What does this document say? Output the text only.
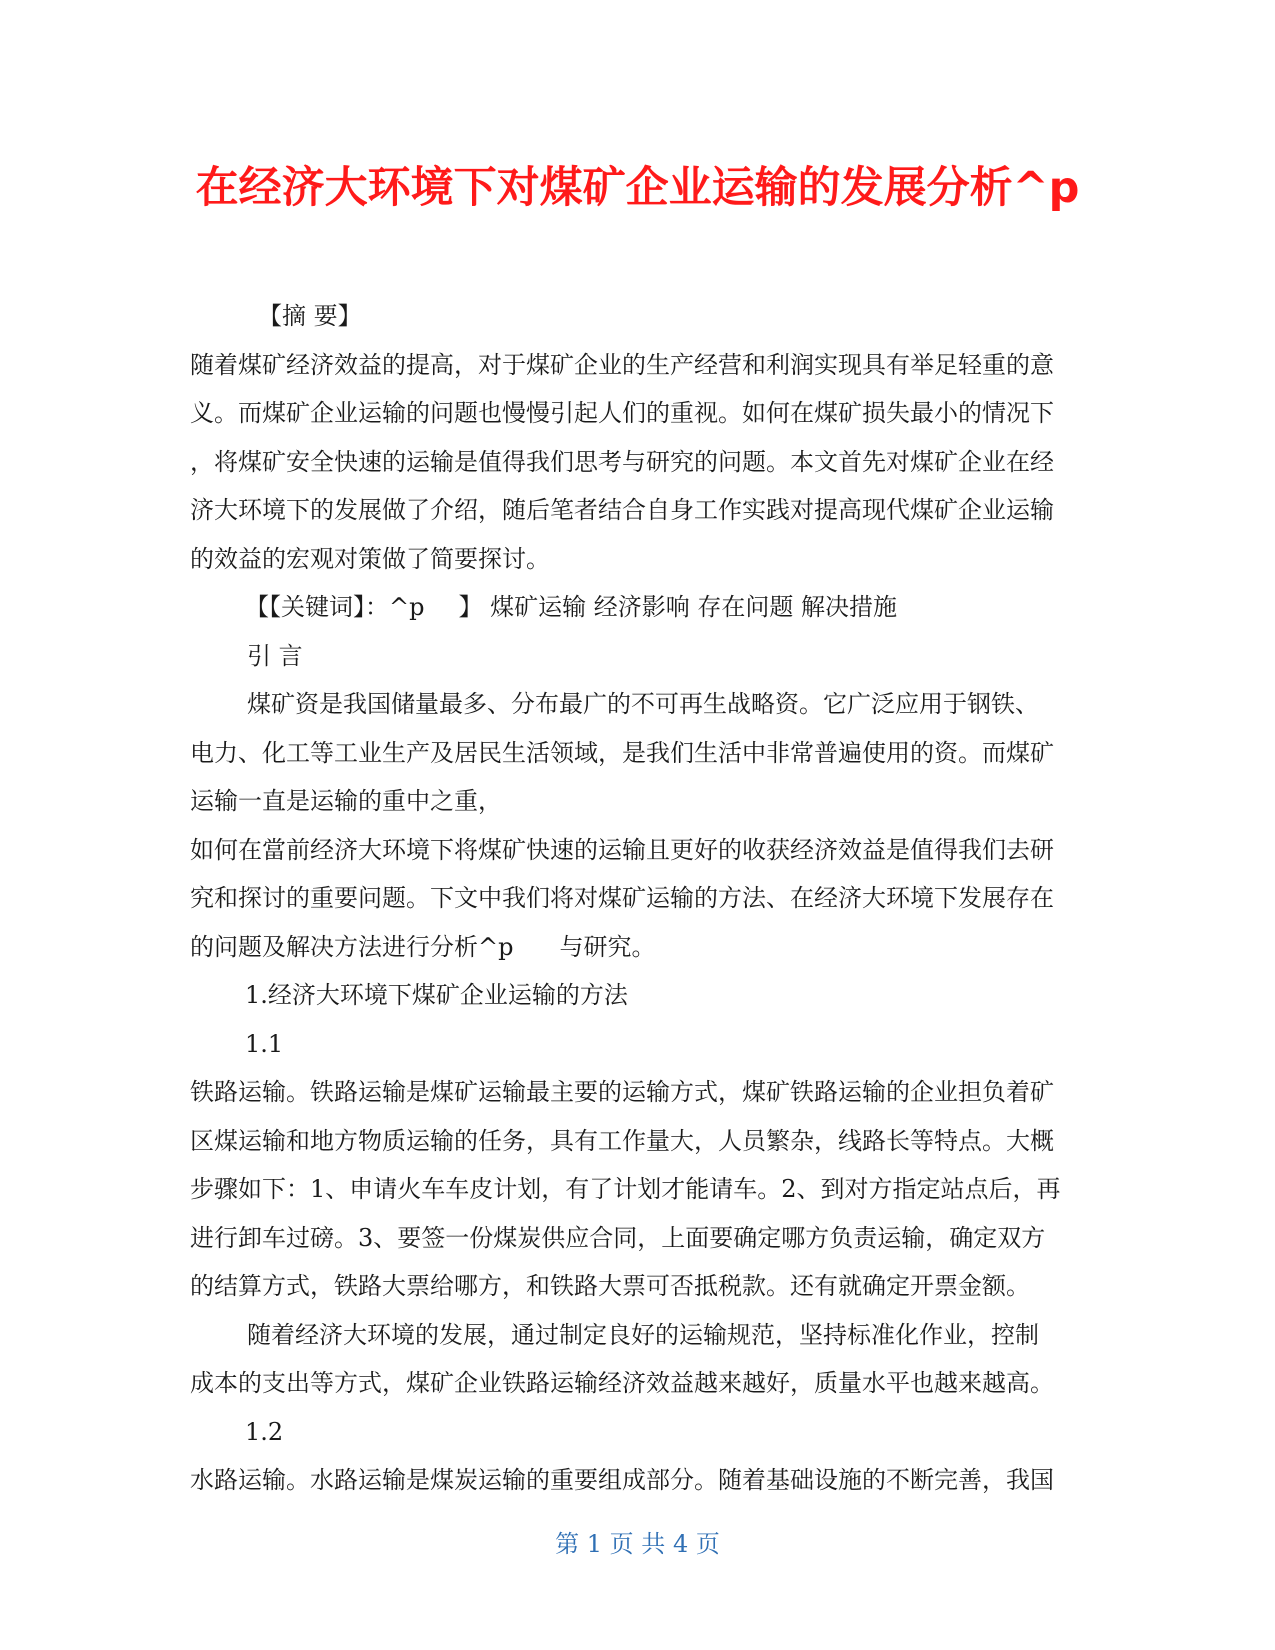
在经济大环境下对煤矿企业运输的发展分析^p

【摘 要】

随着煤矿经济效益的提高，对于煤矿企业的生产经营和利润实现具有举足轻重的意

义。而煤矿企业运输的问题也慢慢引起人们的重视。如何在煤矿损失最小的情况下

，将煤矿安全快速的运输是值得我们思考与研究的问题。本文首先对煤矿企业在经

济大环境下的发展做了介绍，随后笔者结合自身工作实践对提高现代煤矿企业运输

的效益的宏观对策做了简要探讨。

【【关键词】：^p 】 煤矿运输 经济影响 存在问题 解决措施

引 言

煤矿资是我国储量最多、分布最广的不可再生战略资。它广泛应用于钢铁、

电力、化工等工业生产及居民生活领域，是我们生活中非常普遍使用的资。而煤矿

运输一直是运输的重中之重，

如何在當前经济大环境下将煤矿快速的运输且更好的收获经济效益是值得我们去研

究和探讨的重要问题。下文中我们将对煤矿运输的方法、在经济大环境下发展存在

的问题及解决方法进行分析^p 与研究。

1.经济大环境下煤矿企业运输的方法

1.1

铁路运输。铁路运输是煤矿运输最主要的运输方式，煤矿铁路运输的企业担负着矿

区煤运输和地方物质运输的任务，具有工作量大，人员繁杂，线路长等特点。大概

步骤如下：1、申请火车车皮计划，有了计划才能请车。2、到对方指定站点后，再

进行卸车过磅。3、要签一份煤炭供应合同，上面要确定哪方负责运输，确定双方

的结算方式，铁路大票给哪方，和铁路大票可否抵税款。还有就确定开票金额。

随着经济大环境的发展，通过制定良好的运输规范，坚持标准化作业，控制

成本的支出等方式，煤矿企业铁路运输经济效益越来越好，质量水平也越来越高。

1.2

水路运输。水路运输是煤炭运输的重要组成部分。随着基础设施的不断完善，我国

第 1 页 共 4 页
